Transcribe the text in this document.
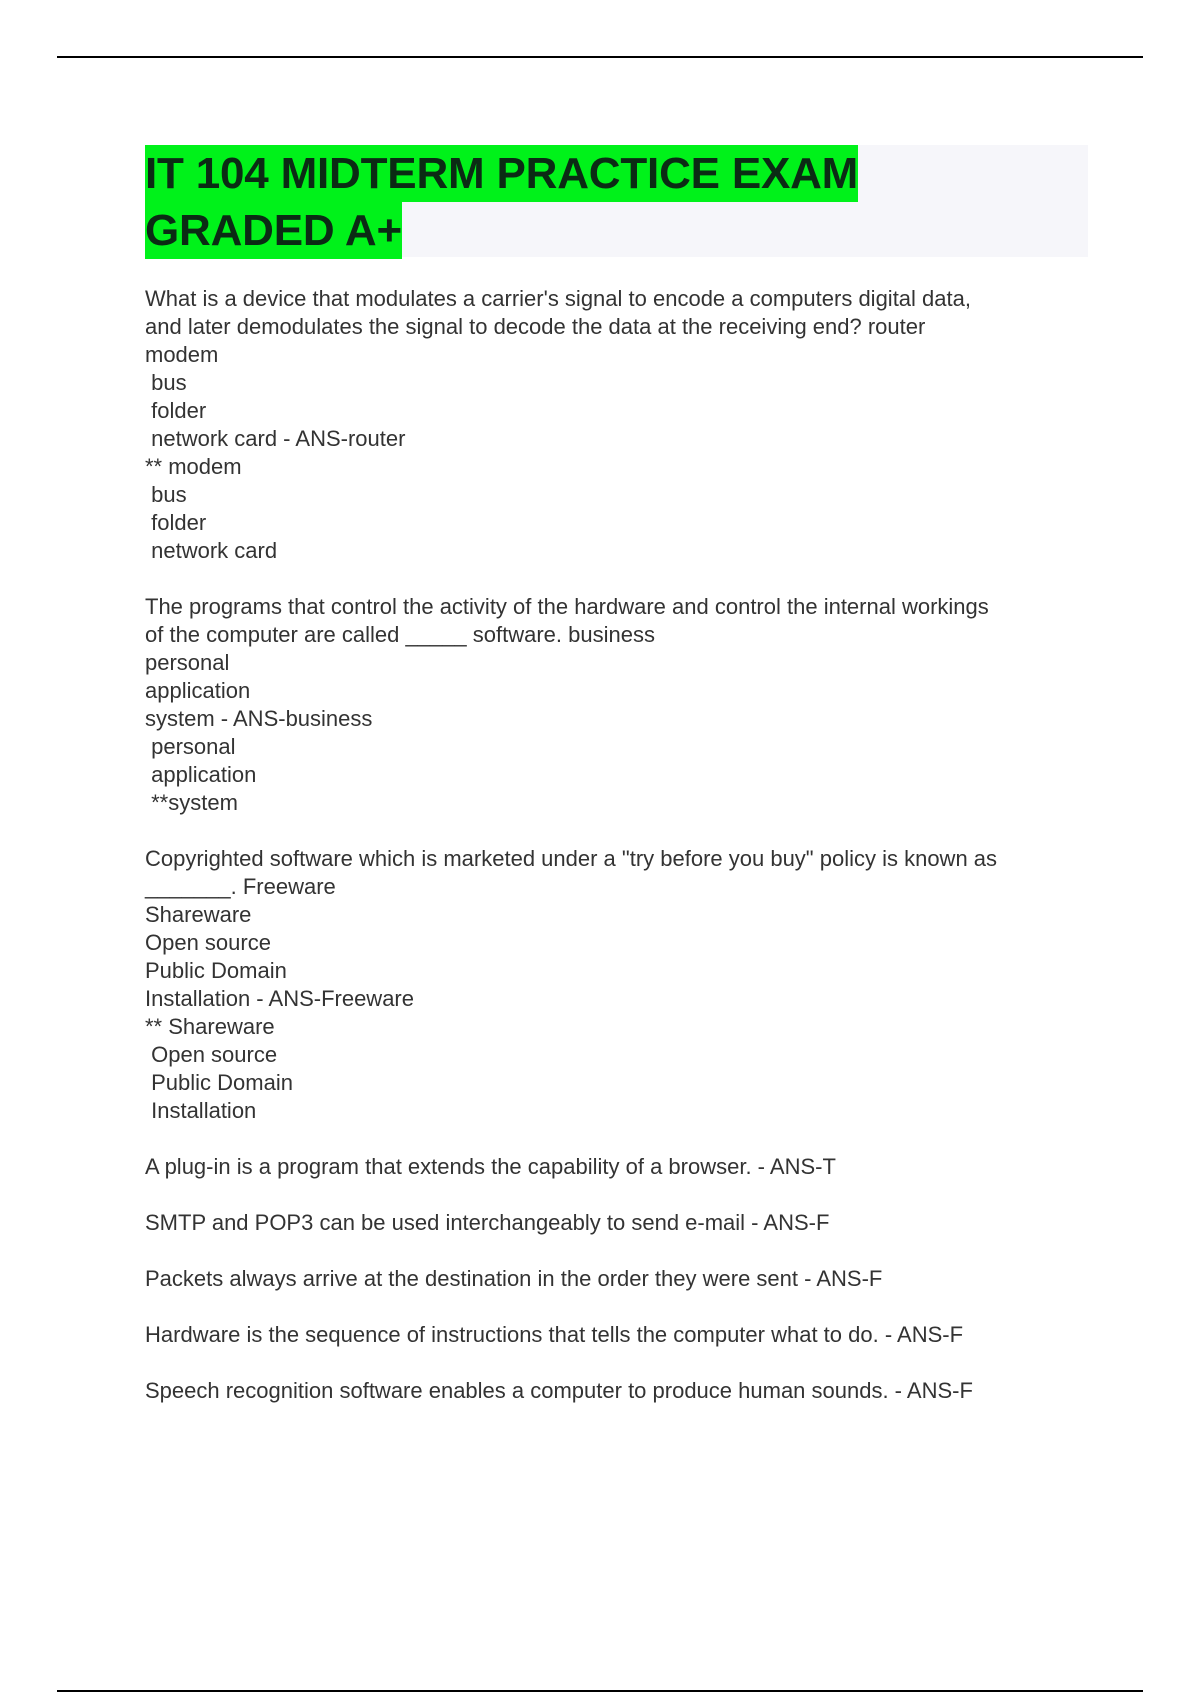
IT 104 MIDTERM PRACTICE EXAM
GRADED A+

What is a device that modulates a carrier's signal to encode a computers digital data,
and later demodulates the signal to decode the data at the receiving end? router
modem
bus
folder
network card - ANS-router
** modem
bus
folder
network card

The programs that control the activity of the hardware and control the internal workings
of the computer are called _____ software. business
personal
application
system - ANS-business
personal
application
**system

Copyrighted software which is marketed under a "try before you buy" policy is known as
_______. Freeware
Shareware
Open source
Public Domain
Installation - ANS-Freeware
** Shareware
Open source
Public Domain
Installation

A plug-in is a program that extends the capability of a browser. - ANS-T

SMTP and POP3 can be used interchangeably to send e-mail - ANS-F

Packets always arrive at the destination in the order they were sent - ANS-F

Hardware is the sequence of instructions that tells the computer what to do. - ANS-F

Speech recognition software enables a computer to produce human sounds. - ANS-F
